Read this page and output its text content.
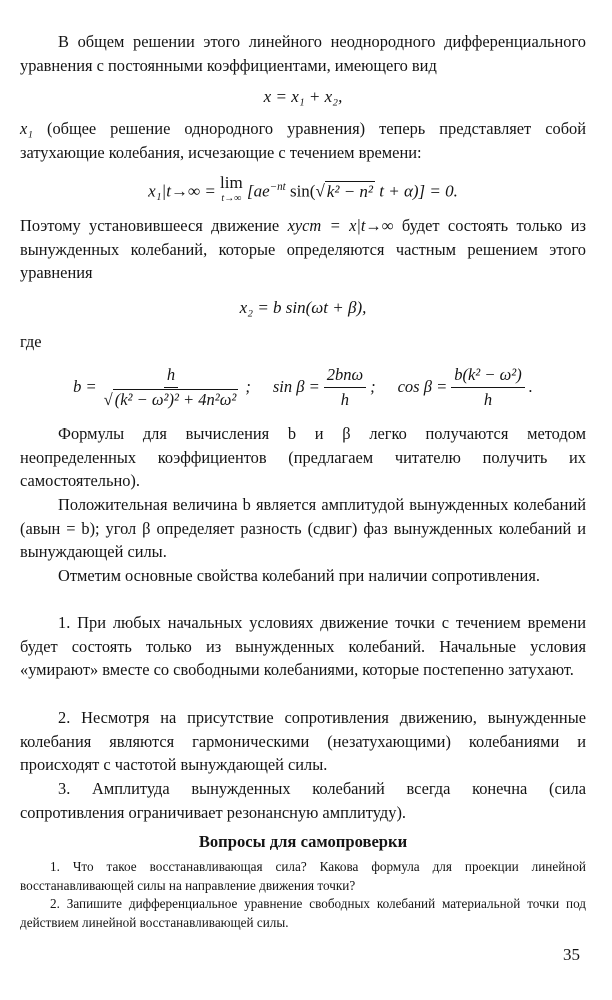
В общем решении этого линейного неоднородного дифференциального уравнения с постоянными коэффициентами, имеющего вид

x = x₁ + x₂,

x₁ (общее решение однородного уравнения) теперь представляет собой затухающие колебания, исчезающие с течением времени:

x₁|t→∞ = lim
t→∞ [$ae^{-nt}$ sin(√ k² − n² t + α)] = 0.

Поэтому установившееся движение xуст = x|t→∞ будет состоять только из вынужденных колебаний, которые определяются частным решением этого уравнения

x₂ = b sin(ωt + β),

где

$b = \frac{h}{\text{√ (k² − ω²)² + 4n²ω²}}$ ; $\sin \beta = \frac{\text{2bnω}}{h}$ ; $\cos \beta = \frac{\text{b(k² − ω²)}}{h}$ .

Формулы для вычисления b и β легко получаются методом неопределенных коэффициентов (предлагаем читателю получить их самостоятельно).

Положительная величина b является амплитудой вынужденных колебаний (aвын = b); угол β определяет разность (сдвиг) фаз вынужденных колебаний и вынуждающей силы.

Отметим основные свойства колебаний при наличии сопротивления.

1. При любых начальных условиях движение точки с течением времени будет состоять только из вынужденных колебаний. Начальные условия «умирают» вместе со свободными колебаниями, которые постепенно затухают.

2. Несмотря на присутствие сопротивления движению, вынужденные колебания являются гармоническими (незатухающими) колебаниями и происходят с частотой вынуждающей силы.

3. Амплитуда вынужденных колебаний всегда конечна (сила сопротивления ограничивает резонансную амплитуду).

Вопросы для самопроверки

1. Что такое восстанавливающая сила? Какова формула для проекции линейной восстанавливающей силы на направление движения точки?

2. Запишите дифференциальное уравнение свободных колебаний материальной точки под действием линейной восстанавливающей силы.

35
